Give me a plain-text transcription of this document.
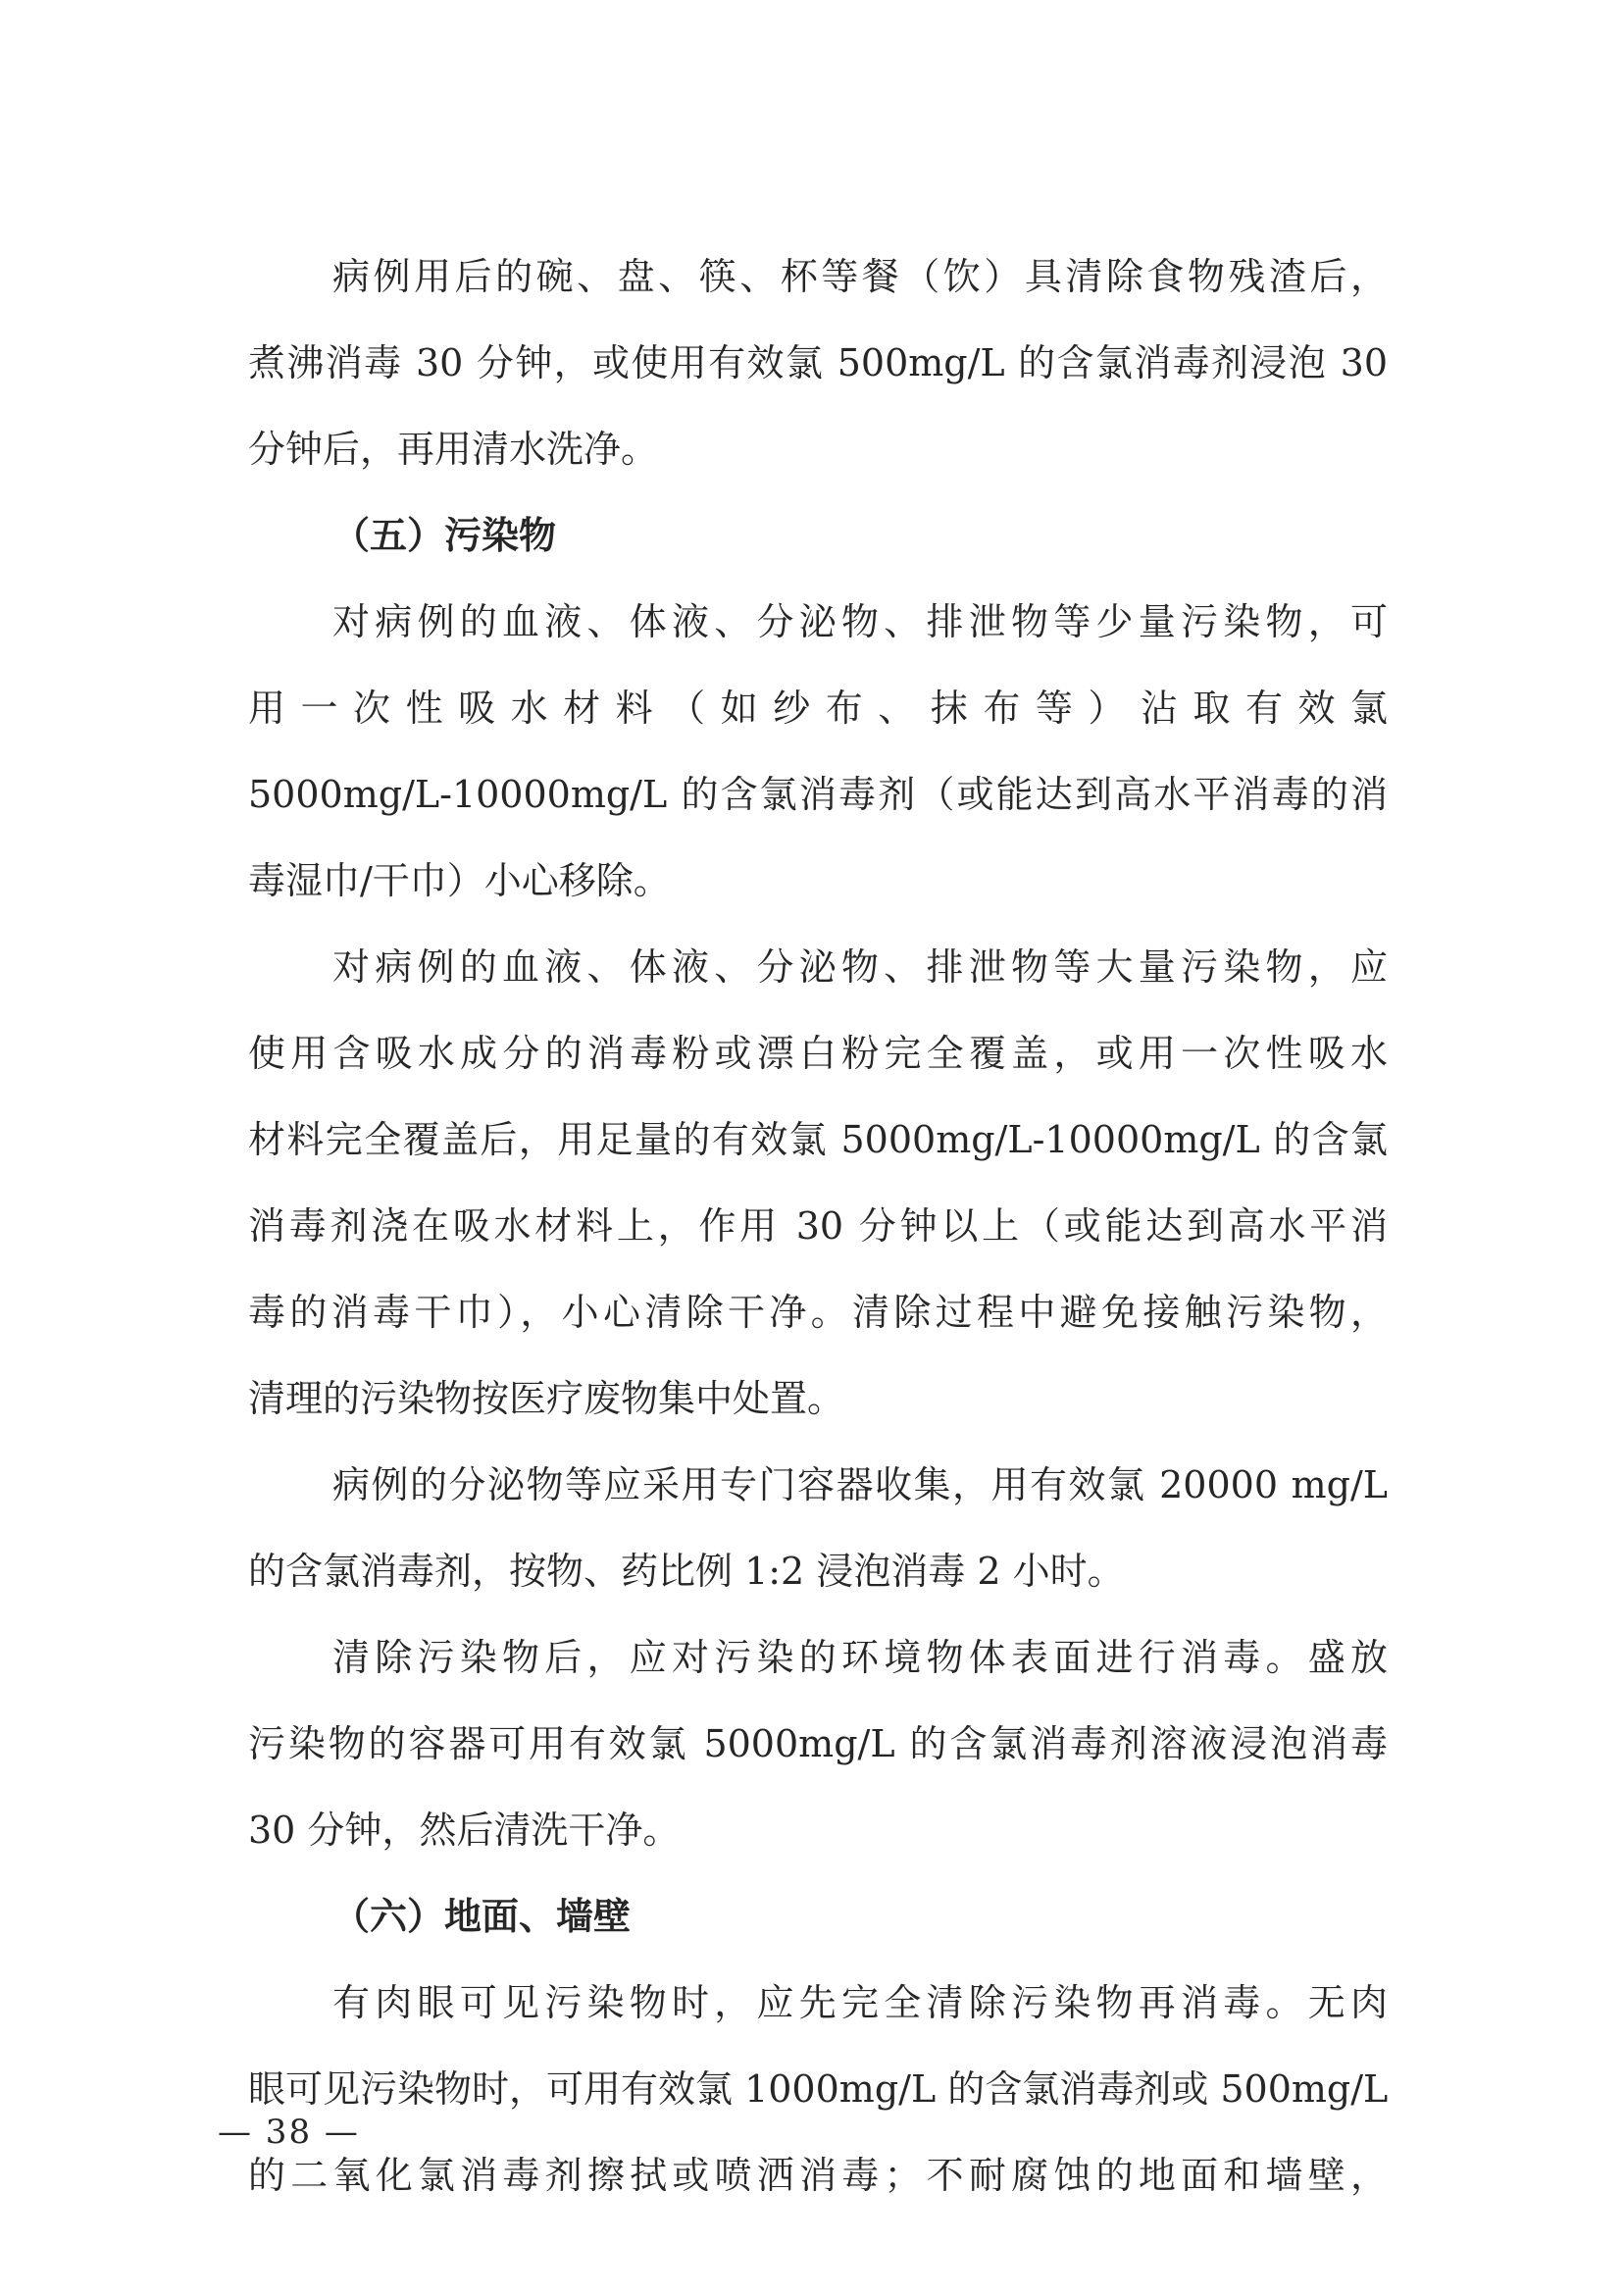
病例用后的碗、盘、筷、杯等餐（饮）具清除食物残渣后，
煮沸消毒 30 分钟，或使用有效氯 500mg/L 的含氯消毒剂浸泡 30
分钟后，再用清水洗净。
（五）污染物
对病例的血液、体液、分泌物、排泄物等少量污染物，可
用一次性吸水材料（如纱布、抹布等）沾取有效氯
5000mg/L-10000mg/L 的含氯消毒剂（或能达到高水平消毒的消
毒湿巾/干巾）小心移除。
对病例的血液、体液、分泌物、排泄物等大量污染物，应
使用含吸水成分的消毒粉或漂白粉完全覆盖，或用一次性吸水
材料完全覆盖后，用足量的有效氯 5000mg/L-10000mg/L 的含氯
消毒剂浇在吸水材料上，作用 30 分钟以上（或能达到高水平消
毒的消毒干巾），小心清除干净。清除过程中避免接触污染物，
清理的污染物按医疗废物集中处置。
病例的分泌物等应采用专门容器收集，用有效氯 20000 mg/L
的含氯消毒剂，按物、药比例 1:2 浸泡消毒 2 小时。
清除污染物后，应对污染的环境物体表面进行消毒。盛放
污染物的容器可用有效氯 5000mg/L 的含氯消毒剂溶液浸泡消毒
30 分钟，然后清洗干净。
（六）地面、墙壁
有肉眼可见污染物时，应先完全清除污染物再消毒。无肉
眼可见污染物时，可用有效氯 1000mg/L 的含氯消毒剂或 500mg/L
的二氧化氯消毒剂擦拭或喷洒消毒；不耐腐蚀的地面和墙壁，
— 38 —
